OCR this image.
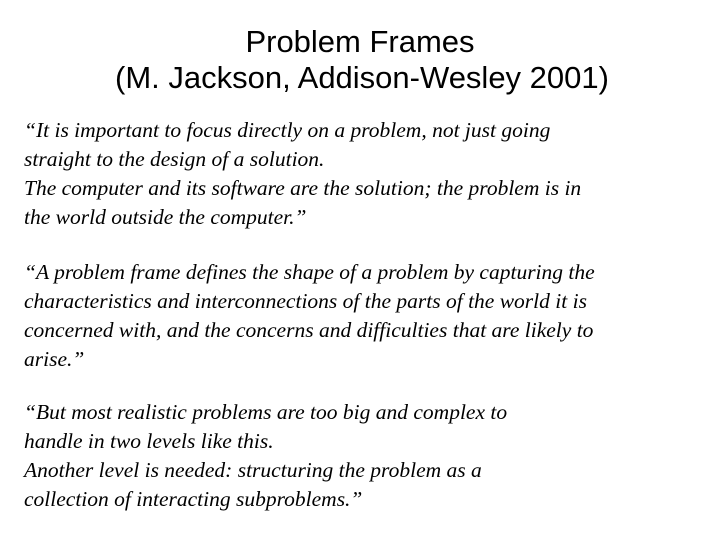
Problem Frames
(M. Jackson, Addison-Wesley 2001)
“It is important to focus directly on a problem, not just going
straight to the design of a solution.
The computer and its software are the solution; the problem is in
the world outside the computer.”
“A problem frame defines the shape of a problem by capturing the
characteristics and interconnections of the parts of the world it is
concerned with, and the concerns and difficulties that are likely to
arise.”
“But most realistic problems are too big and complex to
handle in two levels like this.
Another level is needed: structuring the problem as a
collection of interacting subproblems.”
